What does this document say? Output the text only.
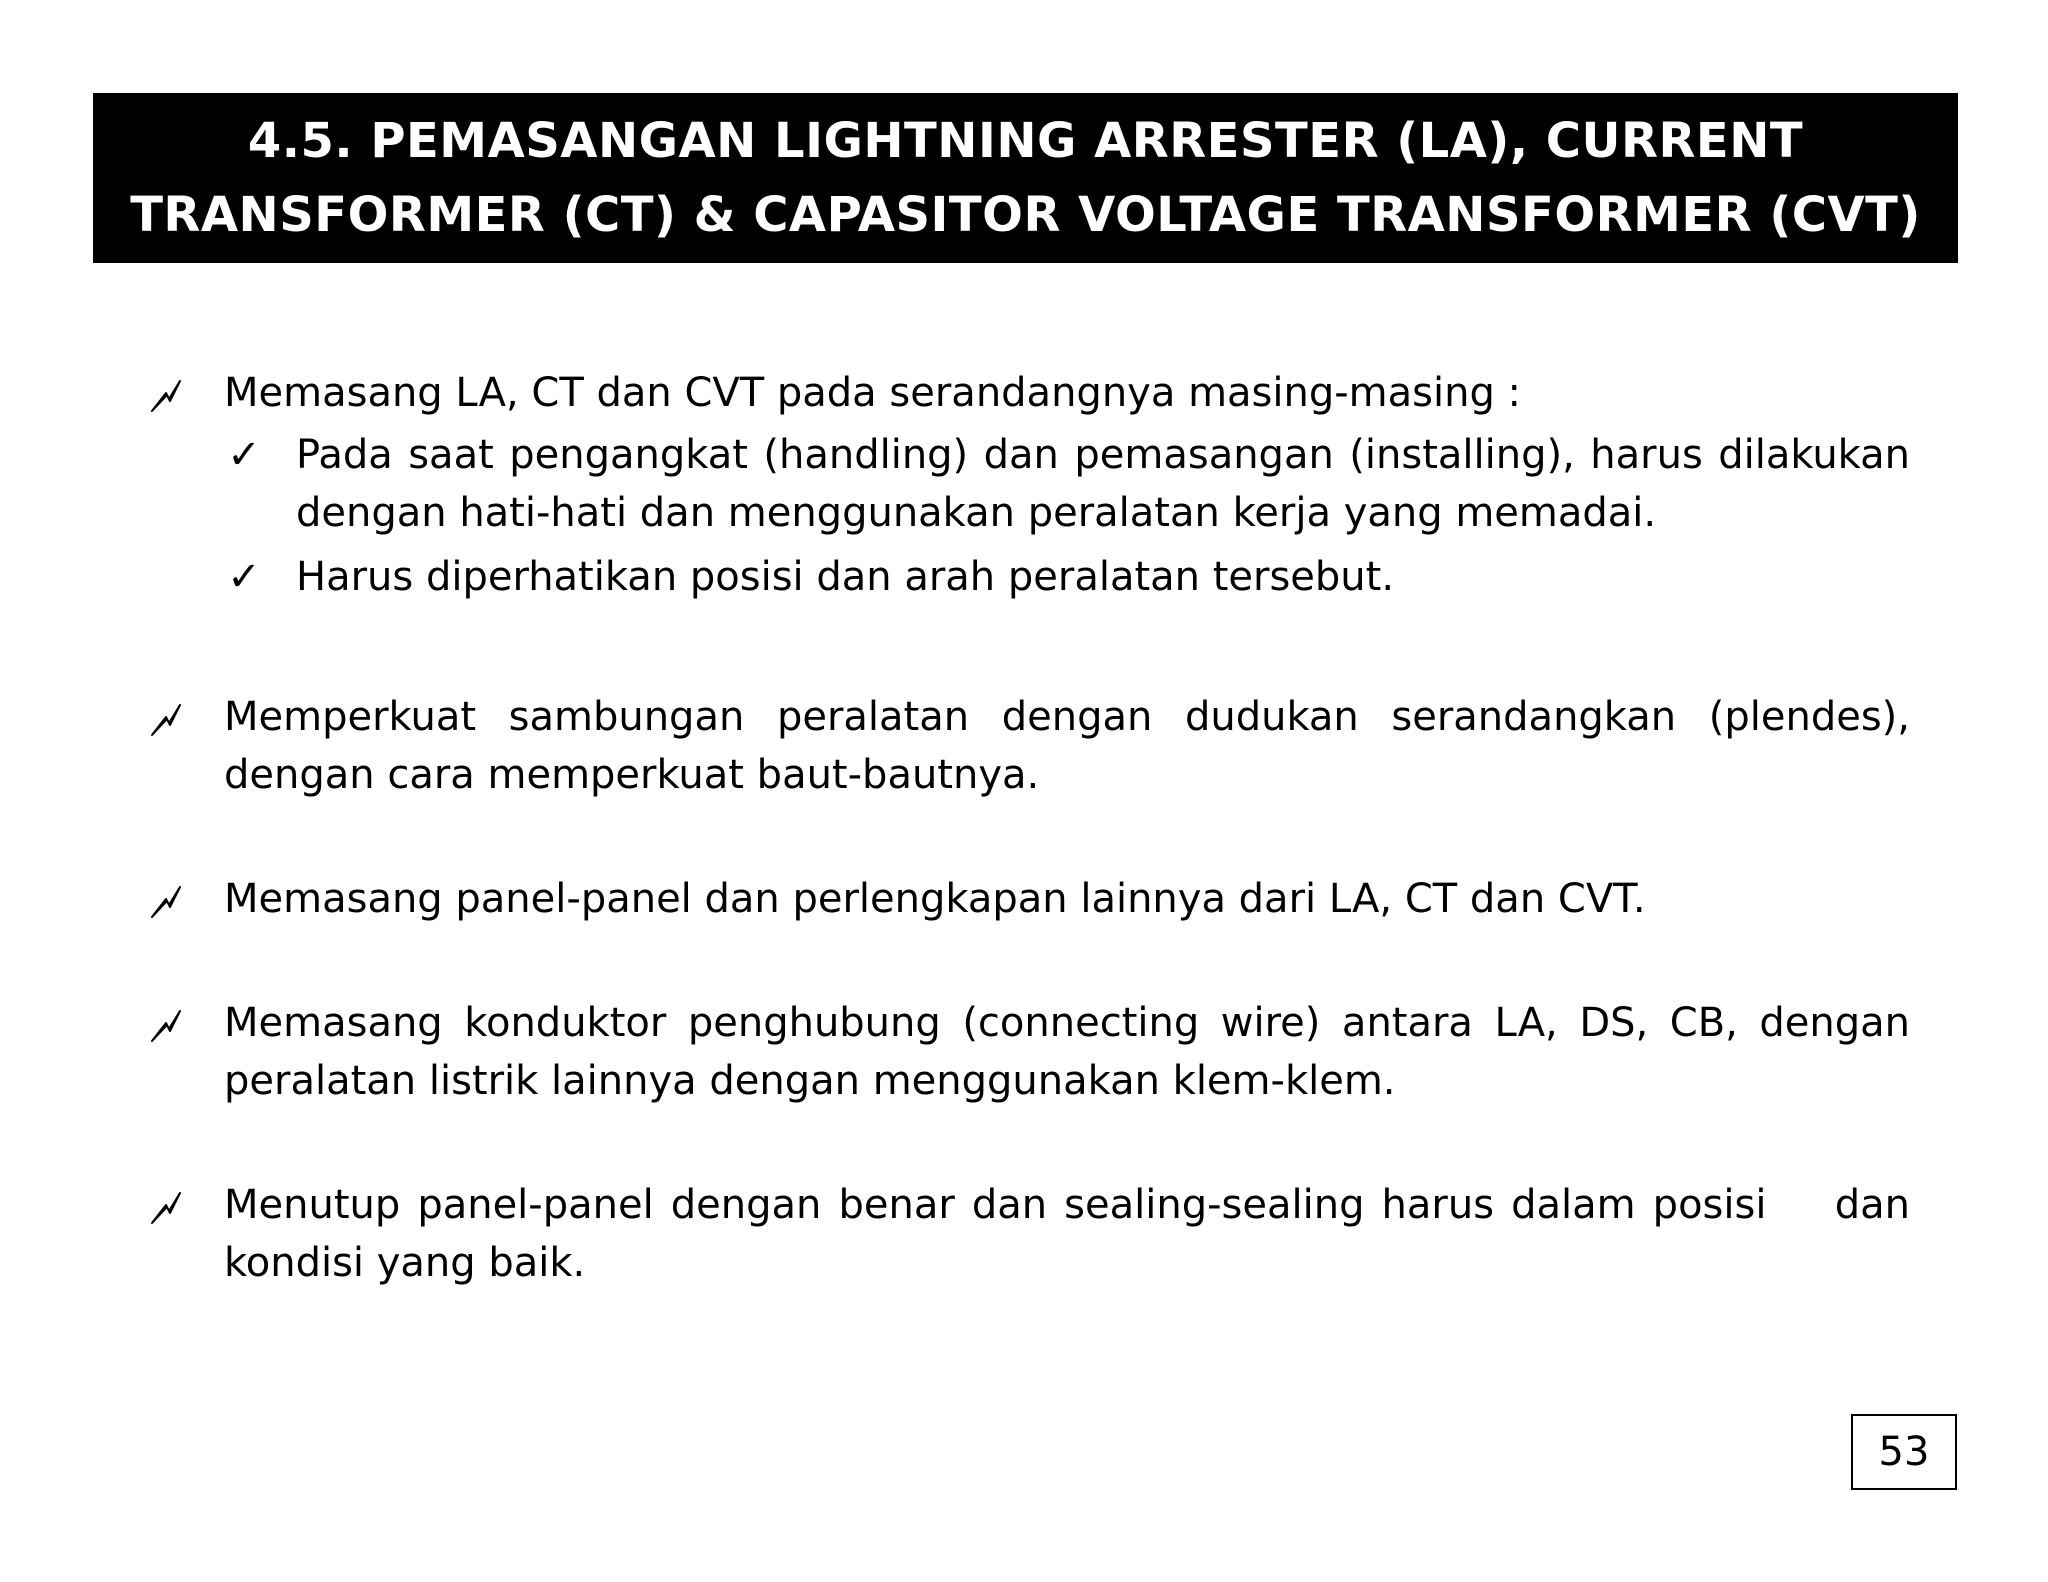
4.5. PEMASANGAN LIGHTNING ARRESTER (LA), CURRENT
TRANSFORMER (CT) & CAPASITOR VOLTAGE TRANSFORMER (CVT)
Memasang LA, CT dan CVT pada serandangnya masing-masing :
✓ Pada saat pengangkat (handling) dan pemasangan (installing), harus dilakukan dengan hati-hati dan menggunakan peralatan kerja yang memadai.
✓ Harus diperhatikan posisi dan arah peralatan tersebut.
Memperkuat sambungan peralatan dengan dudukan serandangkan (plendes), dengan cara memperkuat baut-bautnya.
Memasang panel-panel dan perlengkapan lainnya dari LA, CT dan CVT.
Memasang konduktor penghubung (connecting wire) antara LA, DS, CB, dengan peralatan listrik lainnya dengan menggunakan klem-klem.
Menutup panel-panel dengan benar dan sealing-sealing harus dalam posisi    dan kondisi yang baik.
53
